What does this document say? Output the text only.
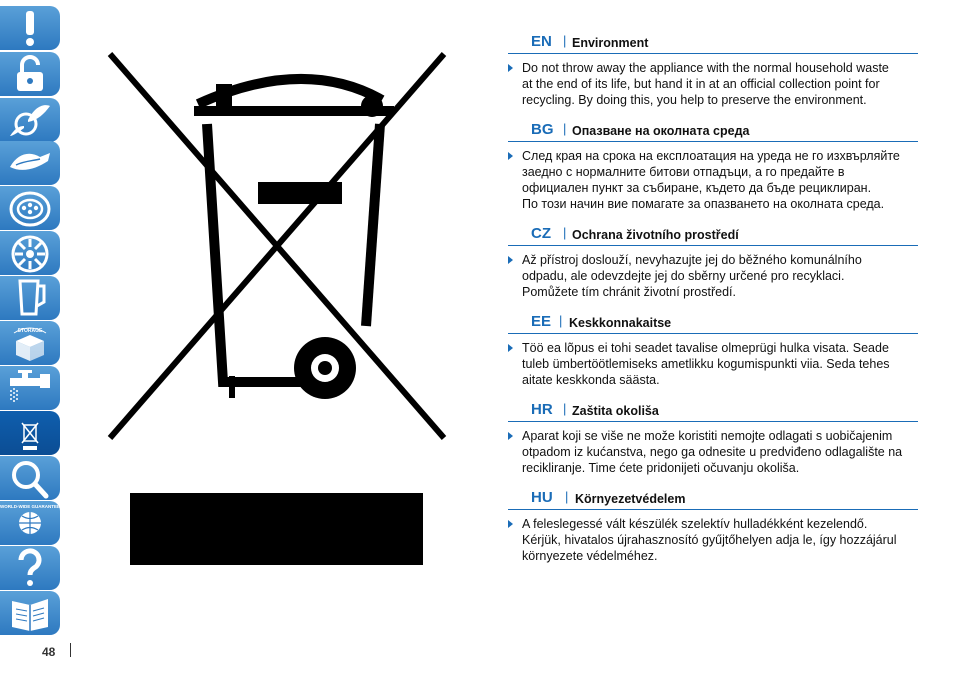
STORAGE
WORLD-WIDE GUARANTEE
48
EN | Environment
Do not throw away the appliance with the normal household waste
at the end of its life, but hand it in at an official collection point for
recycling. By doing this, you help to preserve the environment.
BG | Опазване на околната среда
След края на срока на експлоатация на уреда не го изхвърляйте
заедно с нормалните битови отпадъци, а го предайте в
официален пункт за събиране, където да бъде рециклиран.
По този начин вие помагате за опазването на околната среда.
CZ | Ochrana životního prostředí
Až přístroj doslouží, nevyhazujte jej do běžného komunálního
odpadu, ale odevzdejte jej do sběrny určené pro recyklaci.
Pomůžete tím chránit životní prostředí.
EE | Keskkonnakaitse
Töö ea lõpus ei tohi seadet tavalise olmeprügi hulka visata. Seade
tuleb ümbertöötlemiseks ametlikku kogumispunkti viia. Seda tehes
aitate keskkonda säästa.
HR | Zaštita okoliša
Aparat koji se više ne može koristiti nemojte odlagati s uobičajenim
otpadom iz kućanstva, nego ga odnesite u predviđeno odlagalište na
recikliranje. Time ćete pridonijeti očuvanju okoliša.
HU | Környezetvédelem
A feleslegessé vált készülék szelektív hulladékként kezelendő.
Kérjük, hivatalos újrahasznosító gyűjtőhelyen adja le, így hozzájárul
környezete védelméhez.
